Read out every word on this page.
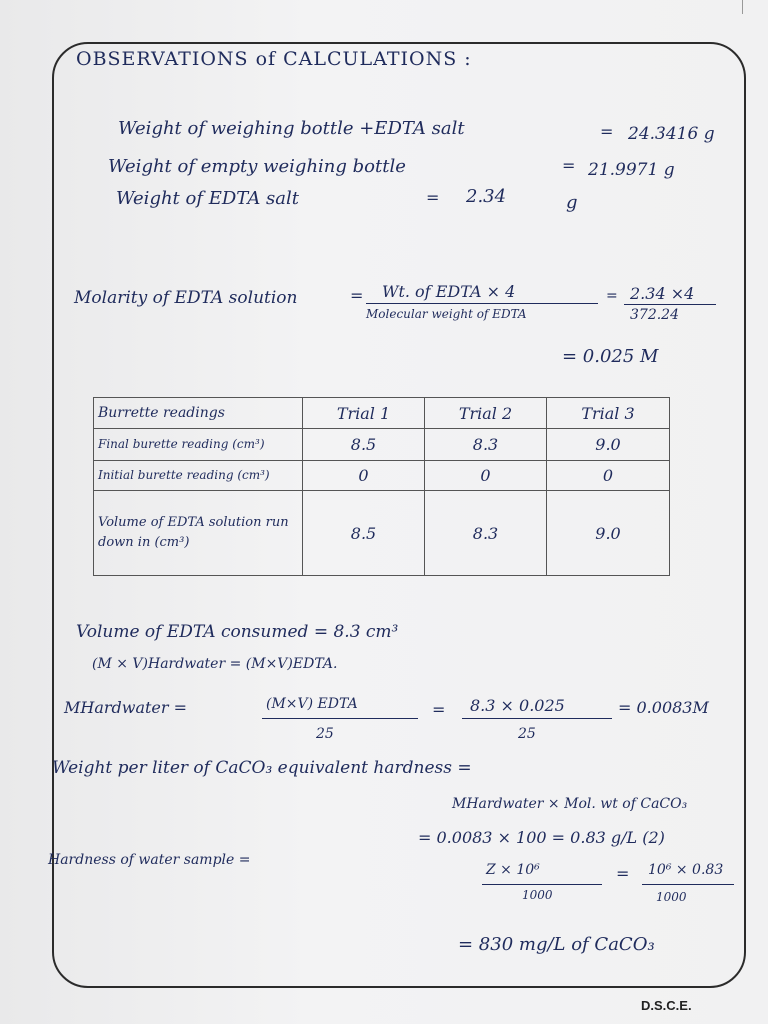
OBSERVATIONS of CALCULATIONS :
Weight of weighing bottle +EDTA salt	= 24.3416 g
Weight of empty weighing bottle	= 21.9971 g
Weight of EDTA salt	= 2.34	g
Molarity of EDTA solution	= Wt. of EDTA × 4
Molecular weight of EDTA
= 2.34 ×4
372.24
= 0.025 M
Burrette readings	Trial 1	Trial 2	Trial 3
Final burette reading (cm³)	8.5	8.3	9.0
Initial burette reading (cm³)	0	0	0
Volume of EDTA solution run down in (cm³)	8.5	8.3	9.0
Volume of EDTA consumed = 8.3 cm³
(M × V)Hardwater = (M×V)EDTA.
MHardwater =	(M×V) EDTA
25
= 8.3 × 0.025
25
= 0.0083M
Weight per liter of CaCO₃ equivalent hardness =
MHardwater × Mol. wt of CaCO₃
= 0.0083 × 100 = 0.83 g/L (2)
Hardness of water sample =
Z × 10⁶
1000
= 10⁶ × 0.83
1000
= 830 mg/L of CaCO₃
D.S.C.E.
